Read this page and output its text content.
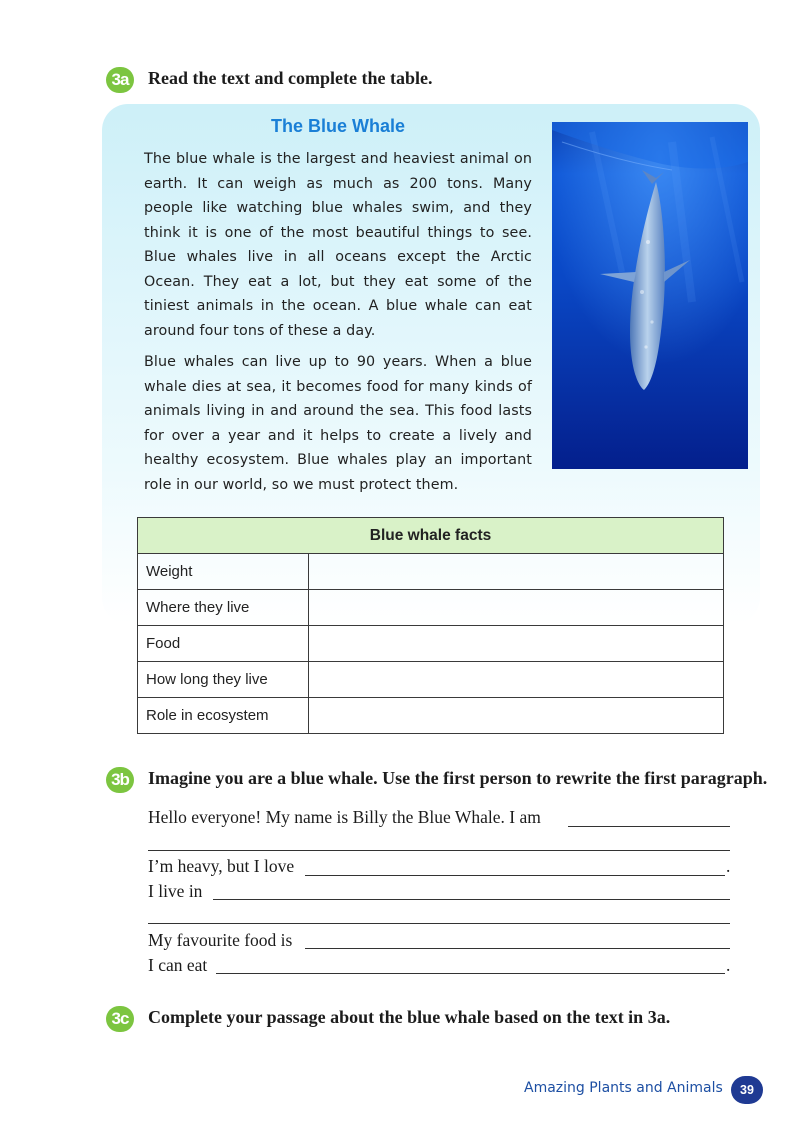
3a	Read the text and complete the table.
The Blue Whale

The blue whale is the largest and heaviest animal on earth. It can weigh as much as 200 tons. Many people like watching blue whales swim, and they think it is one of the most beautiful things to see. Blue whales live in all oceans except the Arctic Ocean. They eat a lot, but they eat some of the tiniest animals in the ocean. A blue whale can eat around four tons of these a day.

Blue whales can live up to 90 years. When a blue whale dies at sea, it becomes food for many kinds of animals living in and around the sea. This food lasts for over a year and it helps to create a lively and healthy ecosystem. Blue whales play an important role in our world, so we must protect them.

Blue whale facts	
Weight	
Where they live	
Food	
How long they live	
Role in ecosystem	
3b Imagine you are a blue whale. Use the first person to rewrite the first paragraph.
Hello everyone! My name is Billy the Blue Whale. I am
I’m heavy, but I love	.
I live in
My favourite food is
I can eat	.
3c	Complete your passage about the blue whale based on the text in 3a.
Amazing Plants and Animals	39
